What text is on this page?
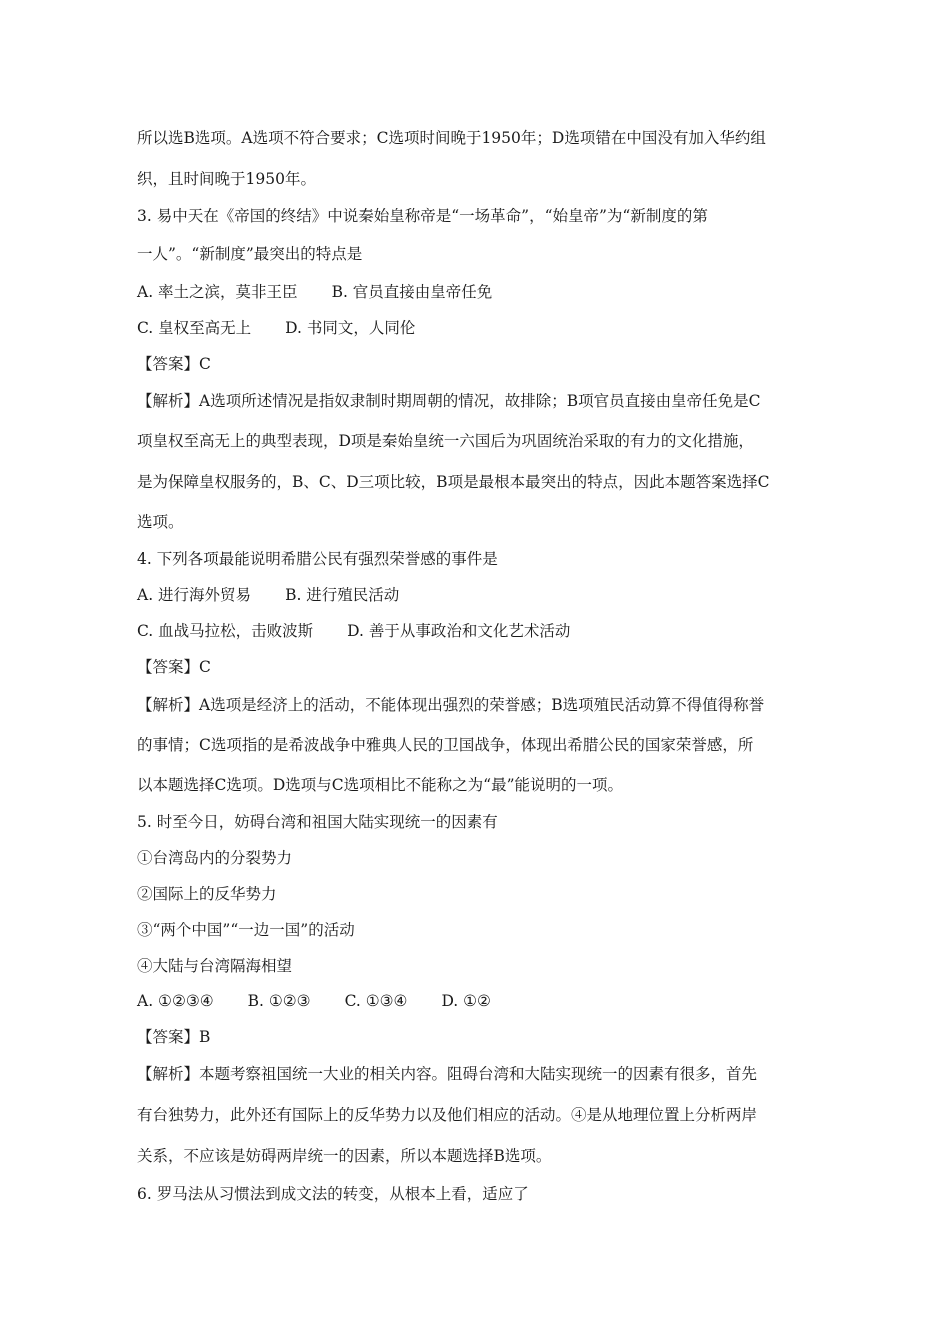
所以选B选项。A选项不符合要求；C选项时间晚于1950年；D选项错在中国没有加入华约组
织，且时间晚于1950年。
3. 易中天在《帝国的终结》中说秦始皇称帝是“一场革命”，“始皇帝”为“新制度的第
一人”。“新制度”最突出的特点是
A. 率土之滨，莫非王臣 B. 官员直接由皇帝任免
C. 皇权至高无上 D. 书同文，人同伦
【答案】C
【解析】A选项所述情况是指奴隶制时期周朝的情况，故排除；B项官员直接由皇帝任免是C
项皇权至高无上的典型表现，D项是秦始皇统一六国后为巩固统治采取的有力的文化措施，
是为保障皇权服务的，B、C、D三项比较，B项是最根本最突出的特点，因此本题答案选择C
选项。
4. 下列各项最能说明希腊公民有强烈荣誉感的事件是
A. 进行海外贸易 B. 进行殖民活动
C. 血战马拉松，击败波斯 D. 善于从事政治和文化艺术活动
【答案】C
【解析】A选项是经济上的活动，不能体现出强烈的荣誉感；B选项殖民活动算不得值得称誉
的事情；C选项指的是希波战争中雅典人民的卫国战争，体现出希腊公民的国家荣誉感，所
以本题选择C选项。D选项与C选项相比不能称之为“最”能说明的一项。
5. 时至今日，妨碍台湾和祖国大陆实现统一的因素有
①台湾岛内的分裂势力
②国际上的反华势力
③“两个中国”“一边一国”的活动
④大陆与台湾隔海相望
A. ①②③④ B. ①②③ C. ①③④ D. ①②
【答案】B
【解析】本题考察祖国统一大业的相关内容。阻碍台湾和大陆实现统一的因素有很多，首先
有台独势力，此外还有国际上的反华势力以及他们相应的活动。④是从地理位置上分析两岸
关系，不应该是妨碍两岸统一的因素，所以本题选择B选项。
6. 罗马法从习惯法到成文法的转变，从根本上看，适应了
